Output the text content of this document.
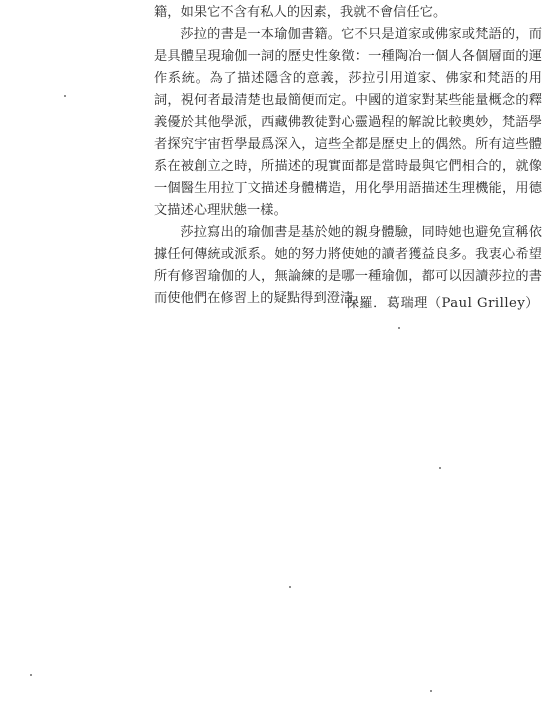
籍，如果它不含有私人的因素，我就不會信任它。

莎拉的書是一本瑜伽書籍。它不只是道家或佛家或梵語的，而是具體呈現瑜伽一詞的歷史性象徵：一種陶冶一個人各個層面的運作系統。為了描述隱含的意義，莎拉引用道家、佛家和梵語的用詞，視何者最清楚也最簡便而定。中國的道家對某些能量概念的釋義優於其他學派，西藏佛教徒對心靈過程的解說比較奧妙，梵語學者探究宇宙哲學最爲深入，這些全都是歷史上的偶然。所有這些體系在被創立之時，所描述的現實面都是當時最與它們相合的，就像一個醫生用拉丁文描述身體構造，用化學用語描述生理機能，用德文描述心理狀態一樣。

莎拉寫出的瑜伽書是基於她的親身體驗，同時她也避免宣稱依據任何傳統或派系。她的努力將使她的讀者獲益良多。我衷心希望所有修習瑜伽的人，無論練的是哪一種瑜伽，都可以因讀莎拉的書而使他們在修習上的疑點得到澄清。

保羅．葛瑞理（Paul Grilley）
